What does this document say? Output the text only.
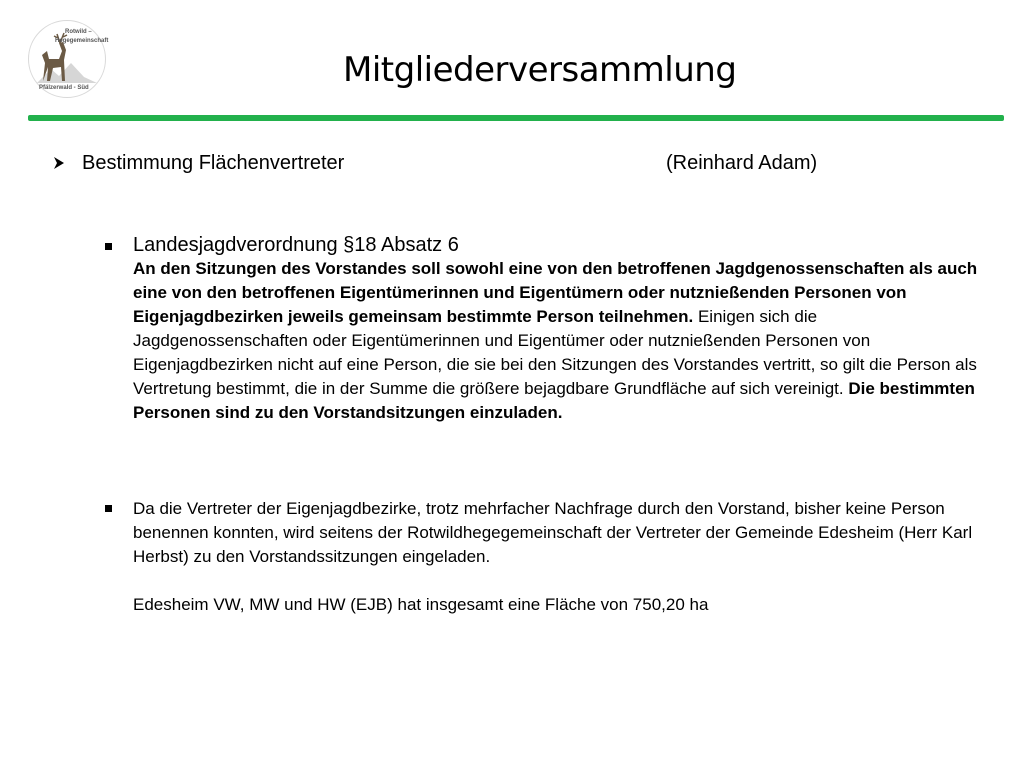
Rotwild –
Hegegemeinschaft
Pfälzerwald - Süd	Mitgliederversammlung
Bestimmung Flächenvertreter	(Reinhard Adam)
Landesjagdverordnung §18 Absatz 6

An den Sitzungen des Vorstandes soll sowohl eine von den betroffenen Jagdgenossenschaften als auch eine von den betroffenen Eigentümerinnen und Eigentümern oder nutznießenden Personen von Eigenjagdbezirken jeweils gemeinsam bestimmte Person teilnehmen. Einigen sich die Jagdgenossenschaften oder Eigentümerinnen und Eigentümer oder nutznießenden Personen von Eigenjagdbezirken nicht auf eine Person, die sie bei den Sitzungen des Vorstandes vertritt, so gilt die Person als Vertretung bestimmt, die in der Summe die größere bejagdbare Grundfläche auf sich vereinigt. Die bestimmten Personen sind zu den Vorstandsitzungen einzuladen.

Da die Vertreter der Eigenjagdbezirke, trotz mehrfacher Nachfrage durch den Vorstand, bisher keine Person benennen konnten, wird seitens der Rotwildhegegemeinschaft der Vertreter der Gemeinde Edesheim (Herr Karl Herbst) zu den Vorstandssitzungen eingeladen.

Edesheim VW, MW und HW (EJB) hat insgesamt eine Fläche von 750,20 ha
